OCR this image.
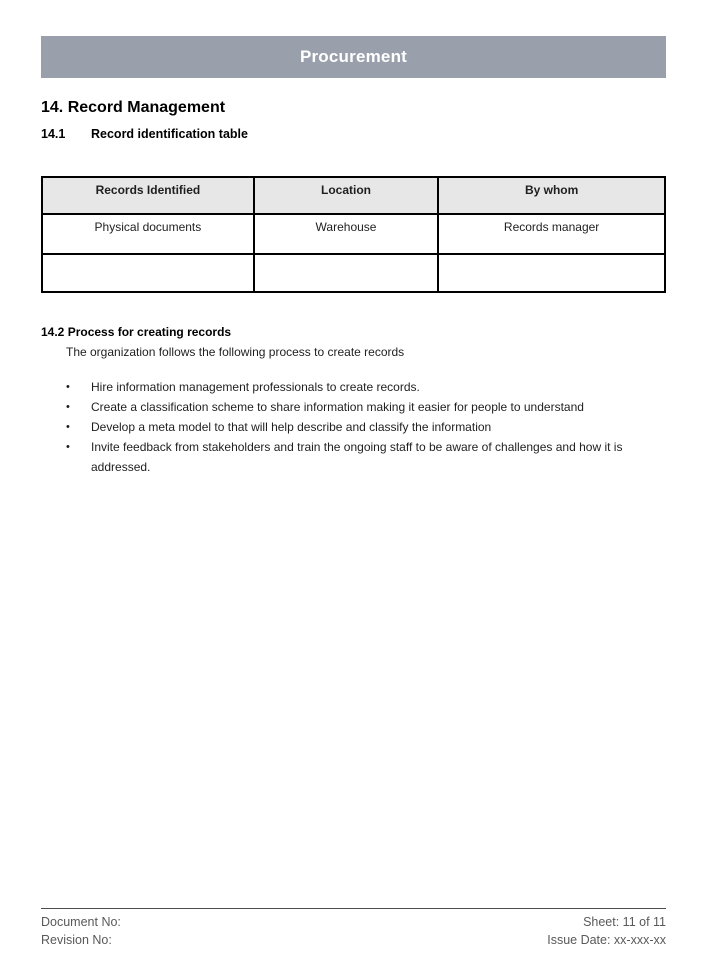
Procurement
14. Record Management
14.1	Record identification table
Records Identified	Location	By whom
Physical documents	Warehouse	Records manager

14.2 Process for creating records
The organization follows the following process to create records
•	Hire information management professionals to create records.
•	Create a classification scheme to share information making it easier for people to understand
•	Develop a meta model to that will help describe and classify the information
•	Invite feedback from stakeholders and train the ongoing staff to be aware of challenges and how it is addressed.
Document No:	Sheet: 11 of 11
Revision No:	Issue Date: xx-xxx-xx
